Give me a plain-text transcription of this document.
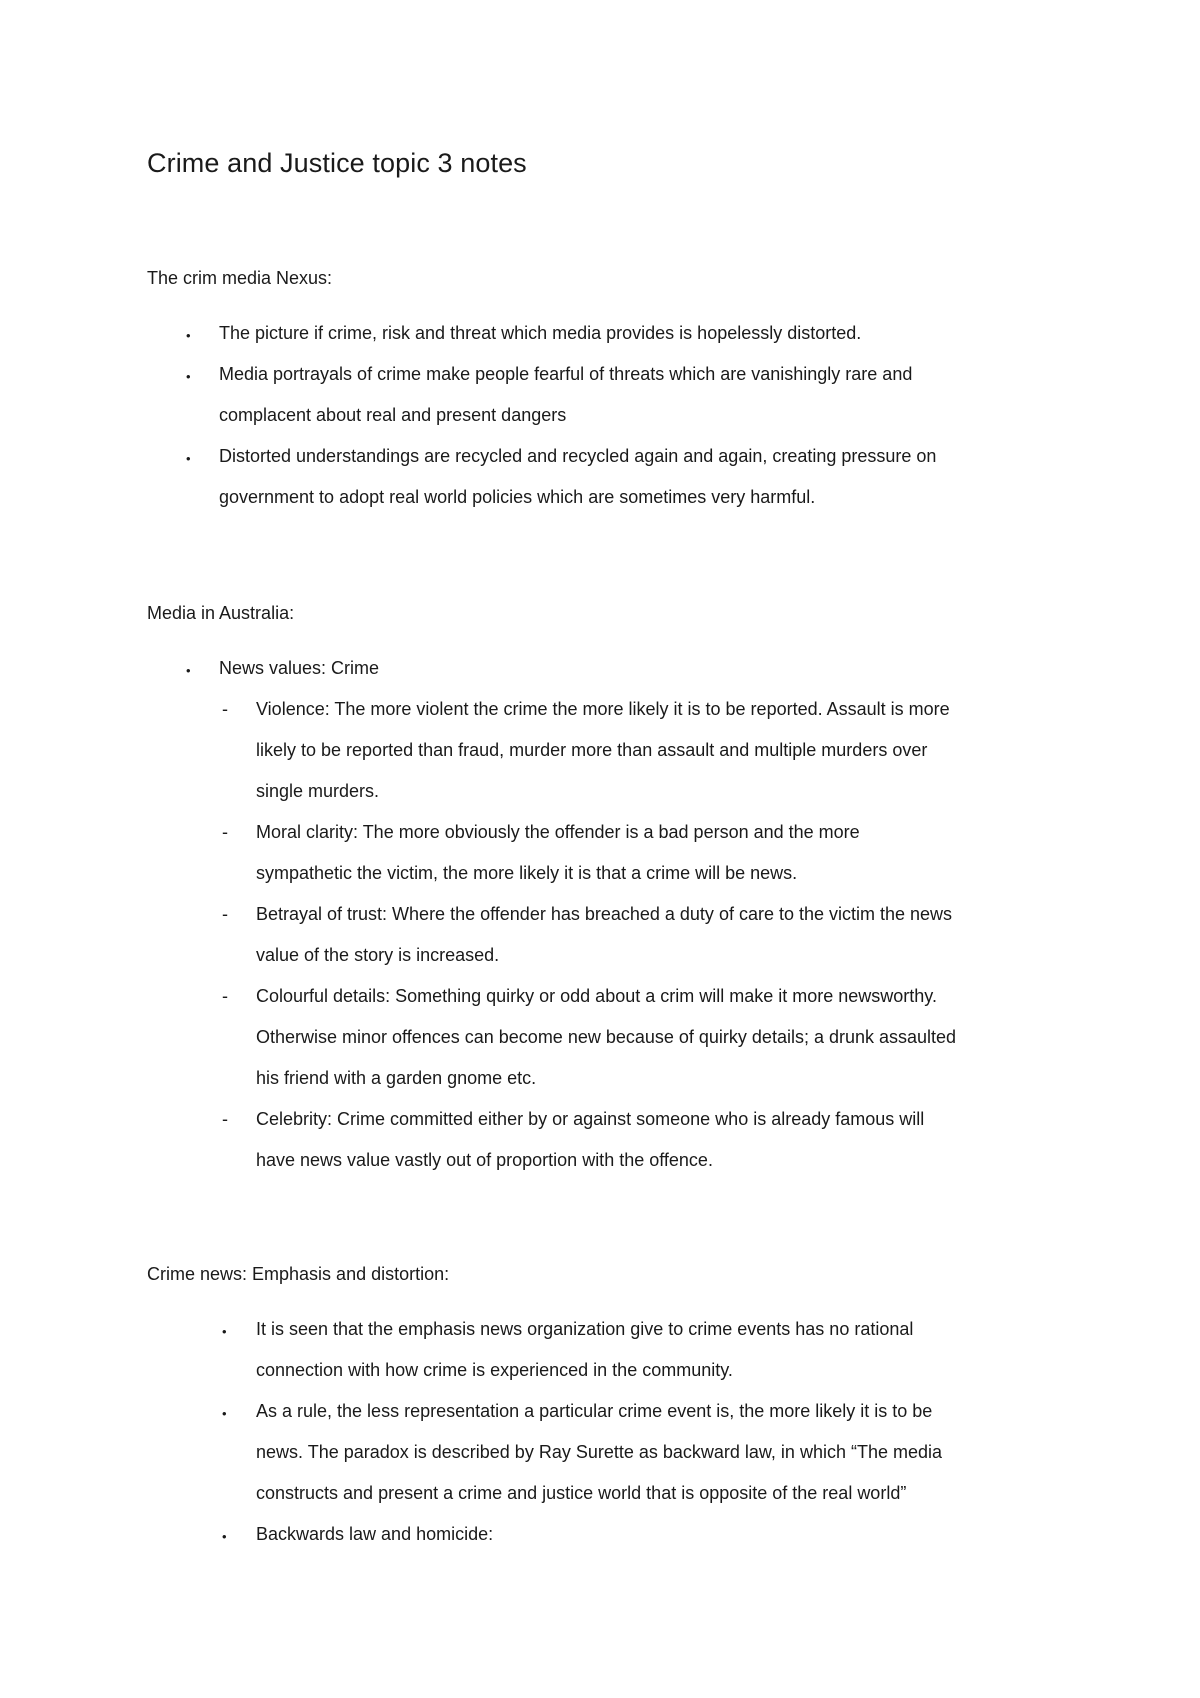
Crime and Justice topic 3 notes
The crim media Nexus:
• The picture if crime, risk and threat which media provides is hopelessly distorted.
• Media portrayals of crime make people fearful of threats which are vanishingly rare and
complacent about real and present dangers
• Distorted understandings are recycled and recycled again and again, creating pressure on
government to adopt real world policies which are sometimes very harmful.
Media in Australia:
• News values: Crime
- Violence: The more violent the crime the more likely it is to be reported. Assault is more
likely to be reported than fraud, murder more than assault and multiple murders over
single murders.
- Moral clarity: The more obviously the offender is a bad person and the more
sympathetic the victim, the more likely it is that a crime will be news.
- Betrayal of trust: Where the offender has breached a duty of care to the victim the news
value of the story is increased.
- Colourful details: Something quirky or odd about a crim will make it more newsworthy.
Otherwise minor offences can become new because of quirky details; a drunk assaulted
his friend with a garden gnome etc.
- Celebrity: Crime committed either by or against someone who is already famous will
have news value vastly out of proportion with the offence.
Crime news: Emphasis and distortion:
• It is seen that the emphasis news organization give to crime events has no rational
connection with how crime is experienced in the community.
• As a rule, the less representation a particular crime event is, the more likely it is to be
news. The paradox is described by Ray Surette as backward law, in which “The media
constructs and present a crime and justice world that is opposite of the real world”
• Backwards law and homicide:
